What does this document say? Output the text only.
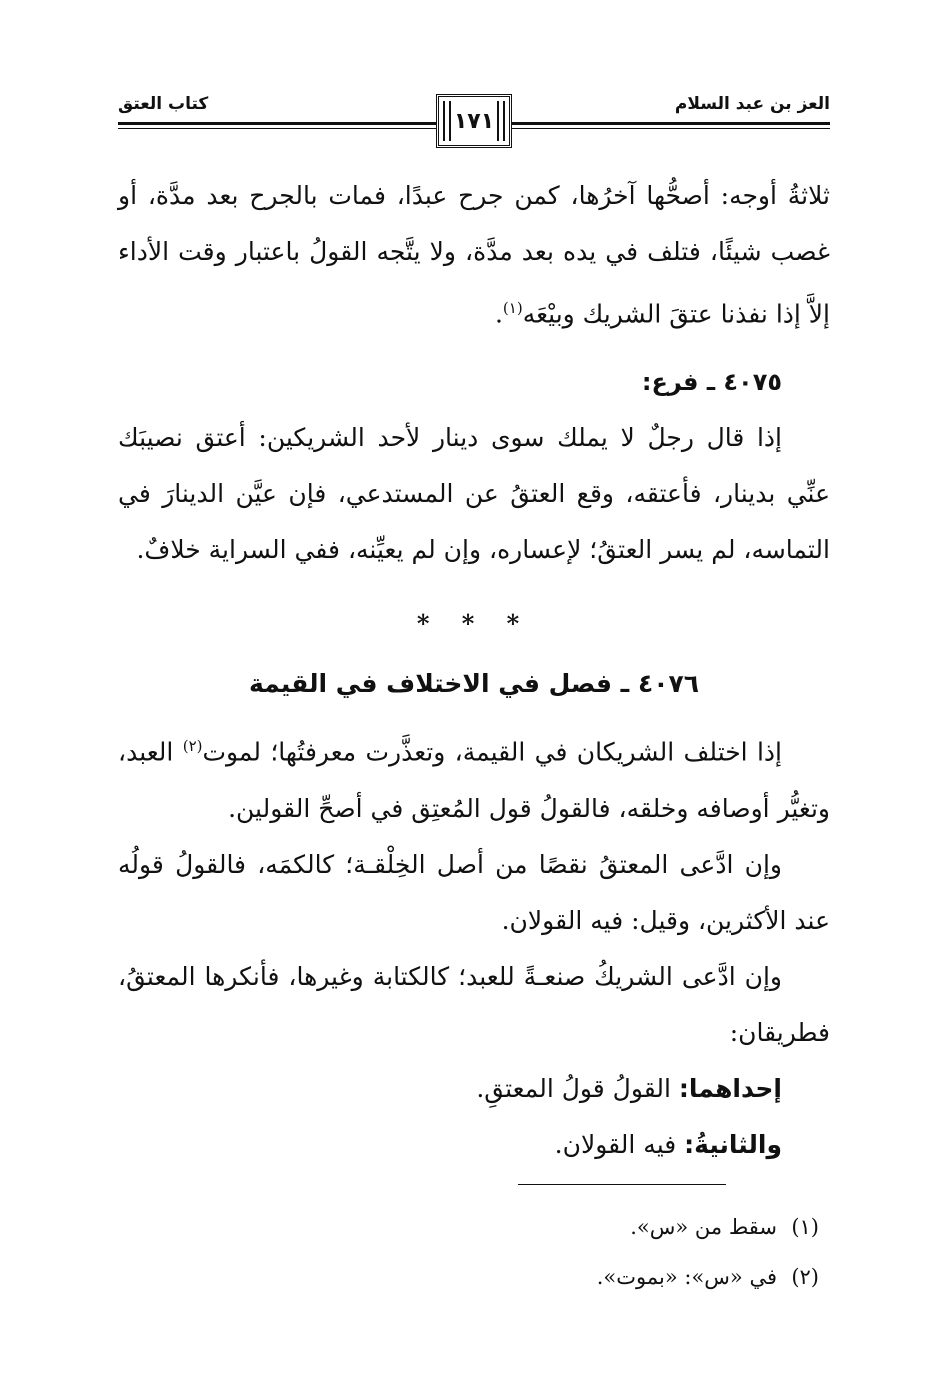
العز بن عبد السلام
كتاب العتق
١٧١

ثلاثةُ أوجه: أصحُّها آخرُها، كمن جرح عبدًا، فمات بالجرح بعد مدَّة، أو غصب شيئًا، فتلف في يده بعد مدَّة، ولا يتَّجه القولُ باعتبار وقت الأداء إلاَّ إذا نفذنا عتقَ الشريك وبيْعَه$^{(١)}$.

٤٠٧٥ ـ فرع:

إذا قال رجلٌ لا يملك سوى دينار لأحد الشريكين: أعتق نصيبَك عنِّي بدينار، فأعتقه، وقع العتقُ عن المستدعي، فإن عيَّن الدينارَ في التماسه، لم يسر العتقُ؛ لإعساره، وإن لم يعيِّنه، ففي السراية خلافٌ.

* * *
٤٠٧٦ ـ فصل في الاختلاف في القيمة

إذا اختلف الشريكان في القيمة، وتعذَّرت معرفتُها؛ لموت$^{(٢)}$ العبد، وتغيُّر أوصافه وخلقه، فالقولُ قول المُعتِق في أصحِّ القولين.

وإن ادَّعى المعتقُ نقصًا من أصل الخِلْقـة؛ كالكمَه، فالقولُ قولُه عند الأكثرين، وقيل: فيه القولان.

وإن ادَّعى الشريكُ صنعـةً للعبد؛ كالكتابة وغيرها، فأنكرها المعتقُ، فطريقان:

إحداهما: القولُ قولُ المعتقِ.

والثانيةُ: فيه القولان.

(١)سقط من «س».
(٢)في «س»: «بموت».
